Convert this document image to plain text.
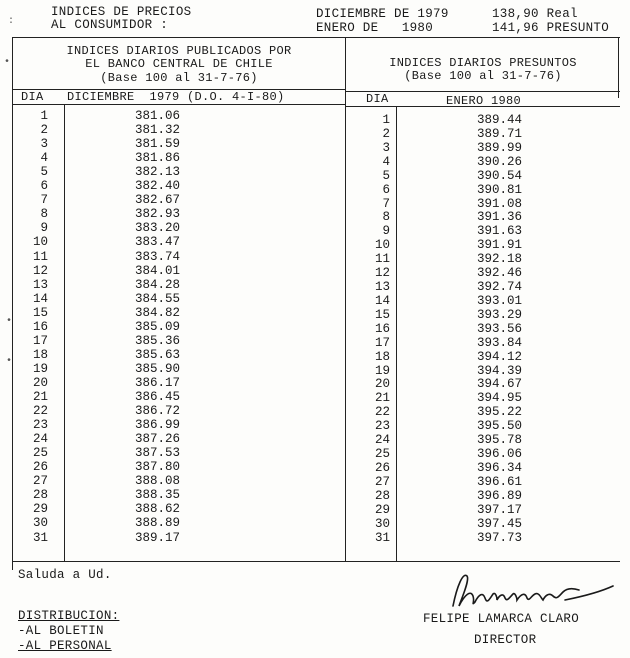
INDICES DE PRECIOS
AL CONSUMIDOR :
DICIEMBRE DE 1979	138,90 Real
ENERO DE   1980	141,96 PRESUNTO
INDICES DIARIOS PUBLICADOS POR
EL BANCO CENTRAL DE CHILE
(Base 100 al 31-7-76)
DIA DICIEMBRE  1979 (D.O. 4-I-80)
INDICES DIARIOS PRESUNTOS
(Base 100 al 31-7-76)
DIA	ENERO 1980
1	381.06
2	381.32
3	381.59
4	381.86
5	382.13
6	382.40
7	382.67
8	382.93
9	383.20
10	383.47
11	383.74
12	384.01
13	384.28
14	384.55
15	384.82
16	385.09
17	385.36
18	385.63
19	385.90
20	386.17
21	386.45
22	386.72
23	386.99
24	387.26
25	387.53
26	387.80
27	388.08
28	388.35
29	388.62
30	388.89
31	389.17
1	389.44
2	389.71
3	389.99
4	390.26
5	390.54
6	390.81
7	391.08
8	391.36
9	391.63
10	391.91
11	392.18
12	392.46
13	392.74
14	393.01
15	393.29
16	393.56
17	393.84
18	394.12
19	394.39
20	394.67
21	394.95
22	395.22
23	395.50
24	395.78
25	396.06
26	396.34
27	396.61
28	396.89
29	397.17
30	397.45
31	397.73
Saluda a Ud.
DISTRIBUCION:
-AL BOLETIN
-AL PERSONAL
FELIPE LAMARCA CLARO
DIRECTOR
:
•
•
•
